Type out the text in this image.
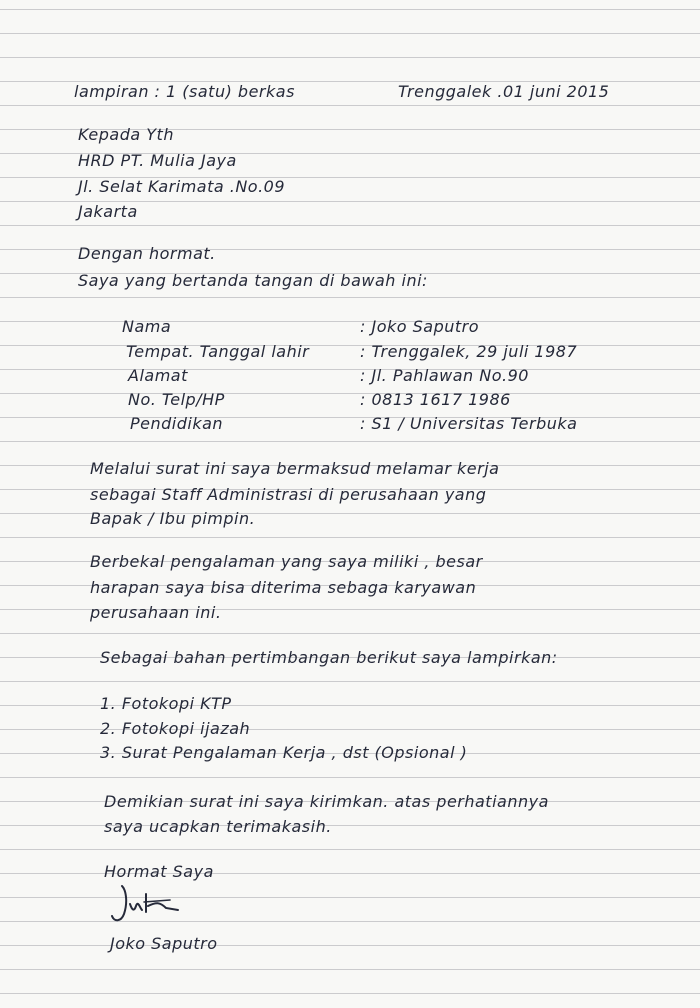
lampiran : 1 (satu) berkas	Trenggalek .01 juni 2015
Kepada Yth
HRD PT. Mulia Jaya
Jl. Selat Karimata .No.09
Jakarta
Dengan hormat.
Saya yang bertanda tangan di bawah ini:
Nama	: Joko Saputro
Tempat. Tanggal lahir	: Trenggalek, 29 juli 1987
Alamat	: Jl. Pahlawan No.90
No. Telp/HP	: 0813 1617 1986
Pendidikan	: S1 / Universitas Terbuka
Melalui surat ini saya bermaksud melamar kerja
sebagai Staff Administrasi di perusahaan yang
Bapak / Ibu pimpin.
Berbekal pengalaman yang saya miliki , besar
harapan saya bisa diterima sebaga karyawan
perusahaan ini.
Sebagai bahan pertimbangan berikut saya lampirkan:
1. Fotokopi KTP
2. Fotokopi ijazah
3. Surat Pengalaman Kerja , dst (Opsional )
Demikian surat ini saya kirimkan. atas perhatiannya
saya ucapkan terimakasih.
Hormat Saya
Joko Saputro
